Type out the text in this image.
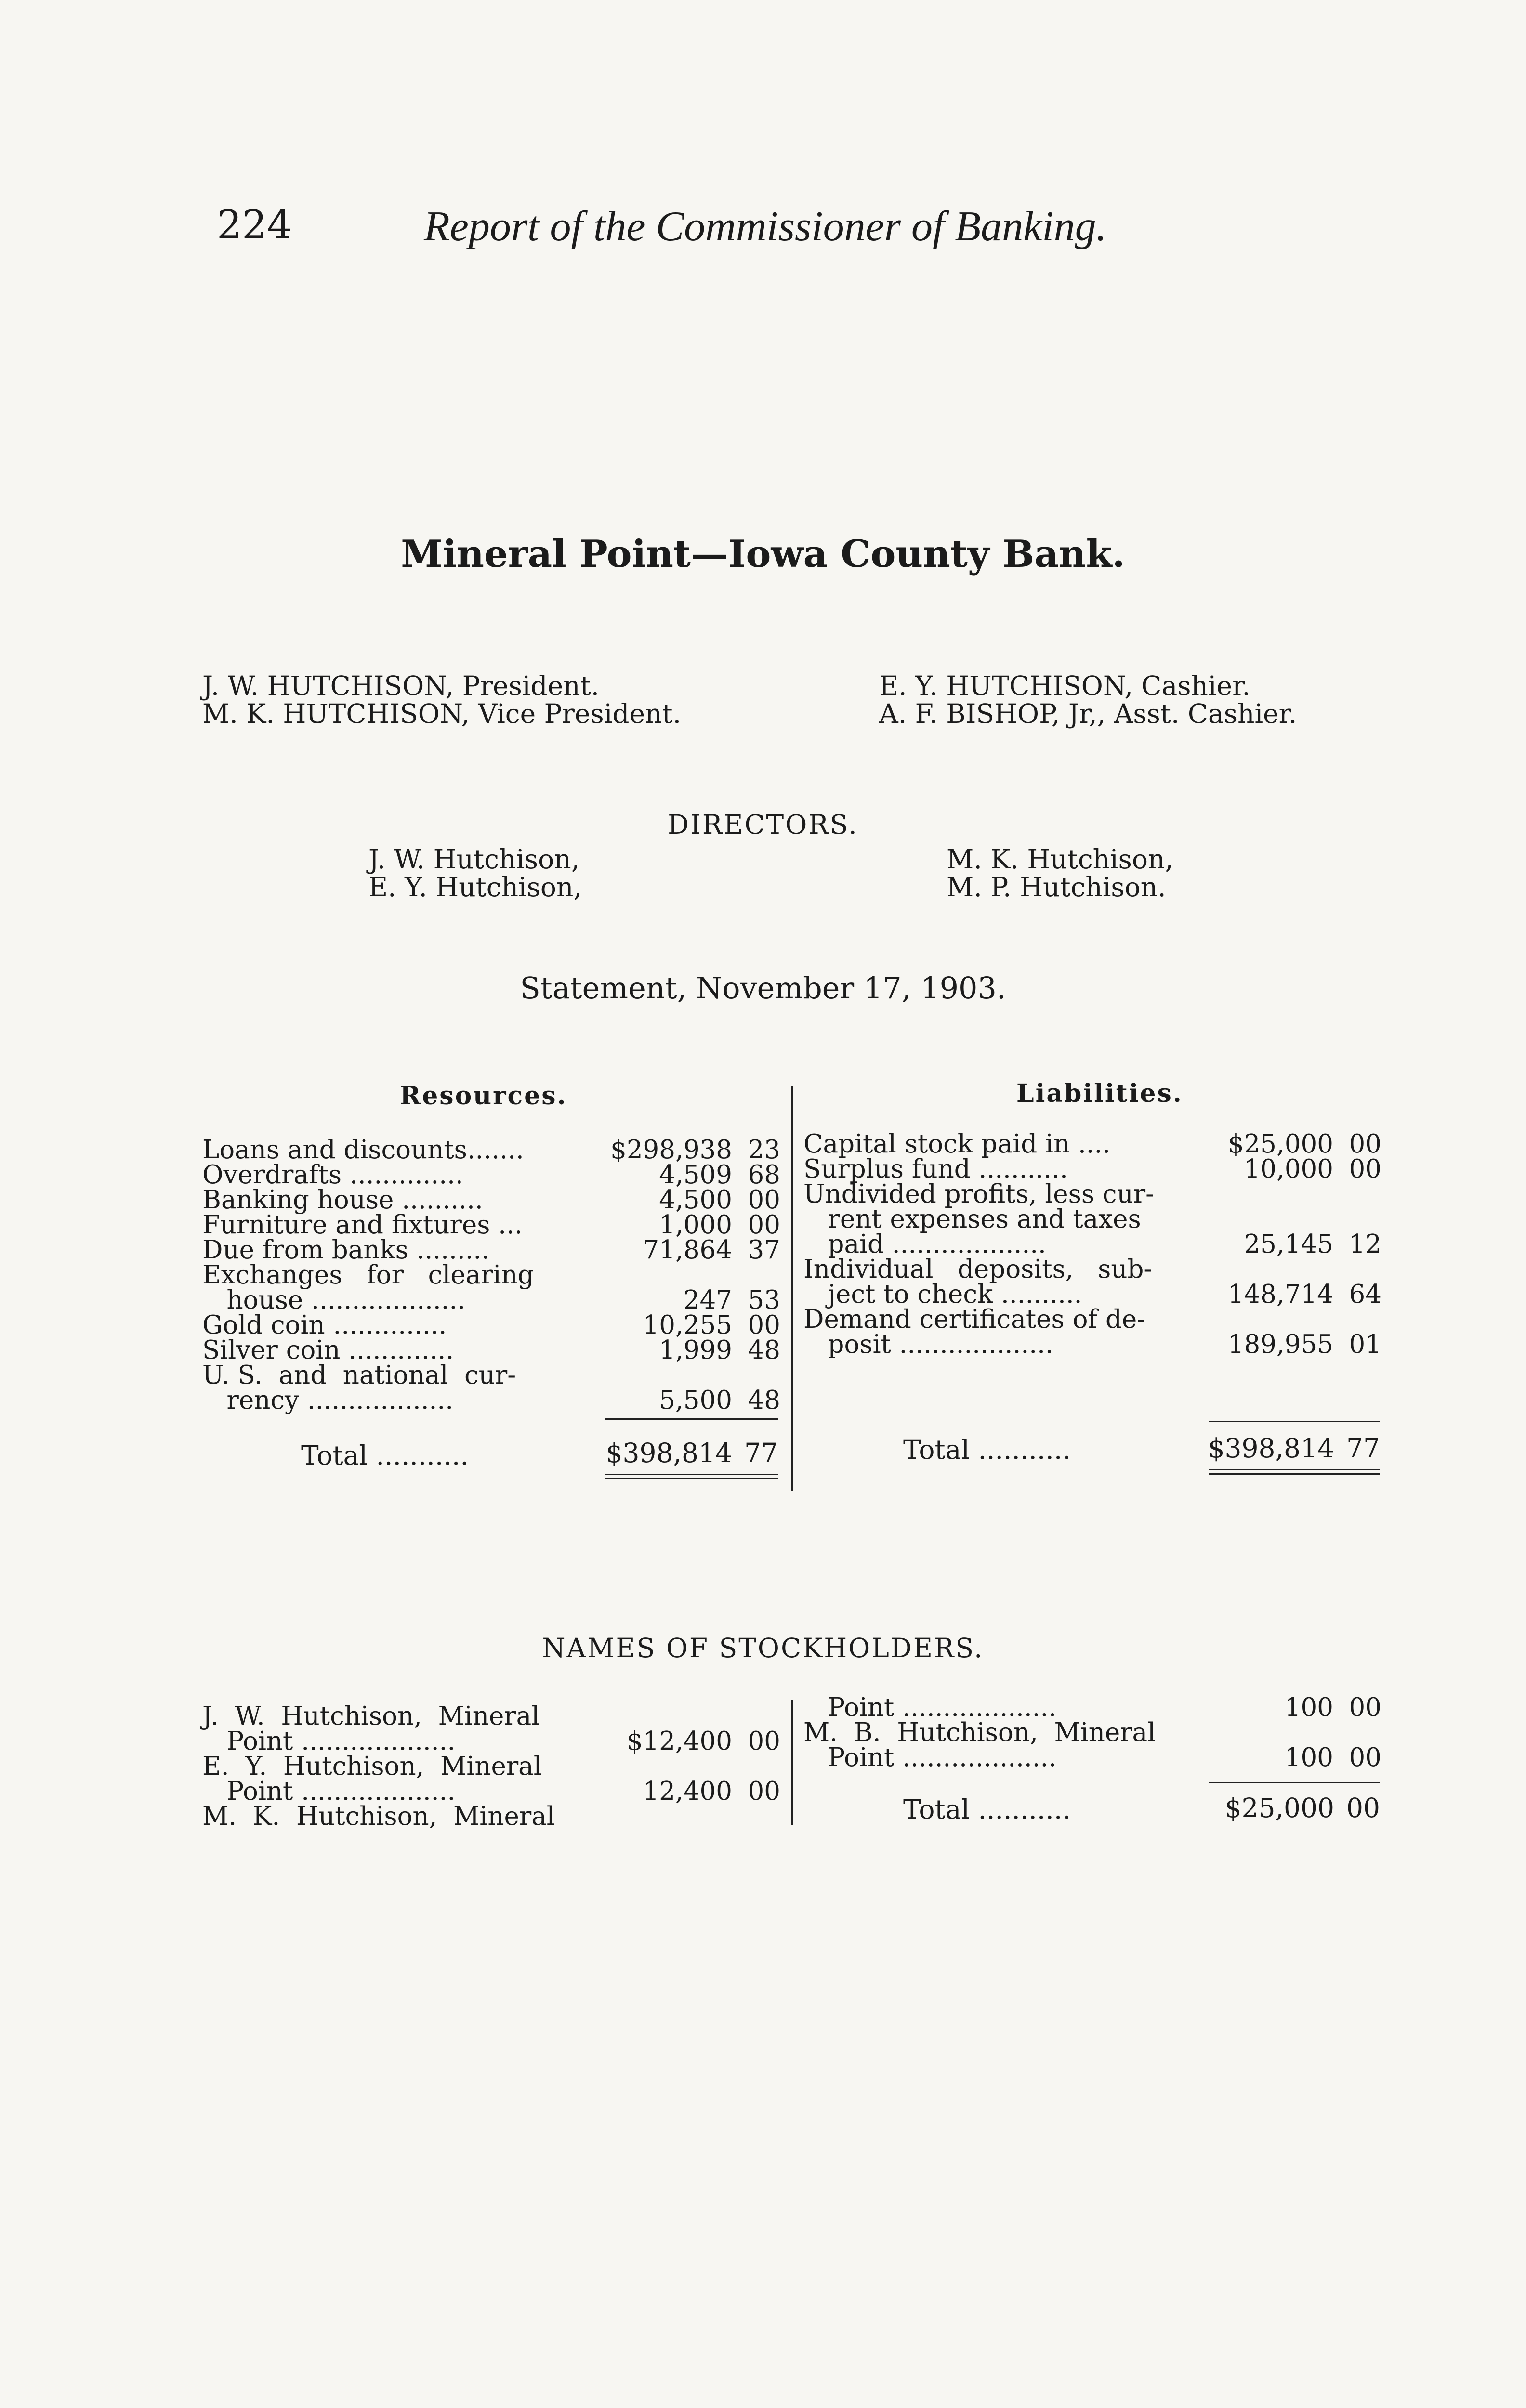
224	Report of the Commissioner of Banking.
Mineral Point—Iowa County Bank.
J. W. HUTCHISON, President.
M. K. HUTCHISON, Vice President.
E. Y. HUTCHISON, Cashier.
A. F. BISHOP, Jr,, Asst. Cashier.
DIRECTORS.
J. W. Hutchison,
E. Y. Hutchison,
M. K. Hutchison,
M. P. Hutchison.
Statement, November 17, 1903.
Resources.
Loans and discounts.......	$298,938 23
Overdrafts ..............	4,509 68
Banking house ..........	4,500 00
Furniture and fixtures ...	1,000 00
Due from banks .........	71,864 37
Exchanges   for   clearing
house ...................	247 53
Gold coin ..............	10,255 00
Silver coin .............	1,999 48
U. S.  and  national  cur-
rency ..................	5,500 48
Total ...........	$398,814 77
Liabilities.
Capital stock paid in ....	$25,000 00
Surplus fund ...........	10,000 00
Undivided profits, less cur-
rent expenses and taxes
paid ...................	25,145 12
Individual   deposits,   sub-
ject to check ..........	148,714 64
Demand certificates of de-
posit ...................	189,955 01
Total ...........	$398,814 77
NAMES OF STOCKHOLDERS.
J.  W.  Hutchison,  Mineral
Point ...................	$12,400 00
E.  Y.  Hutchison,  Mineral
Point ...................	12,400 00
M.  K.  Hutchison,  Mineral
Point ...................	100 00
M.  B.  Hutchison,  Mineral
Point ...................	100 00
Total ...........	$25,000 00
